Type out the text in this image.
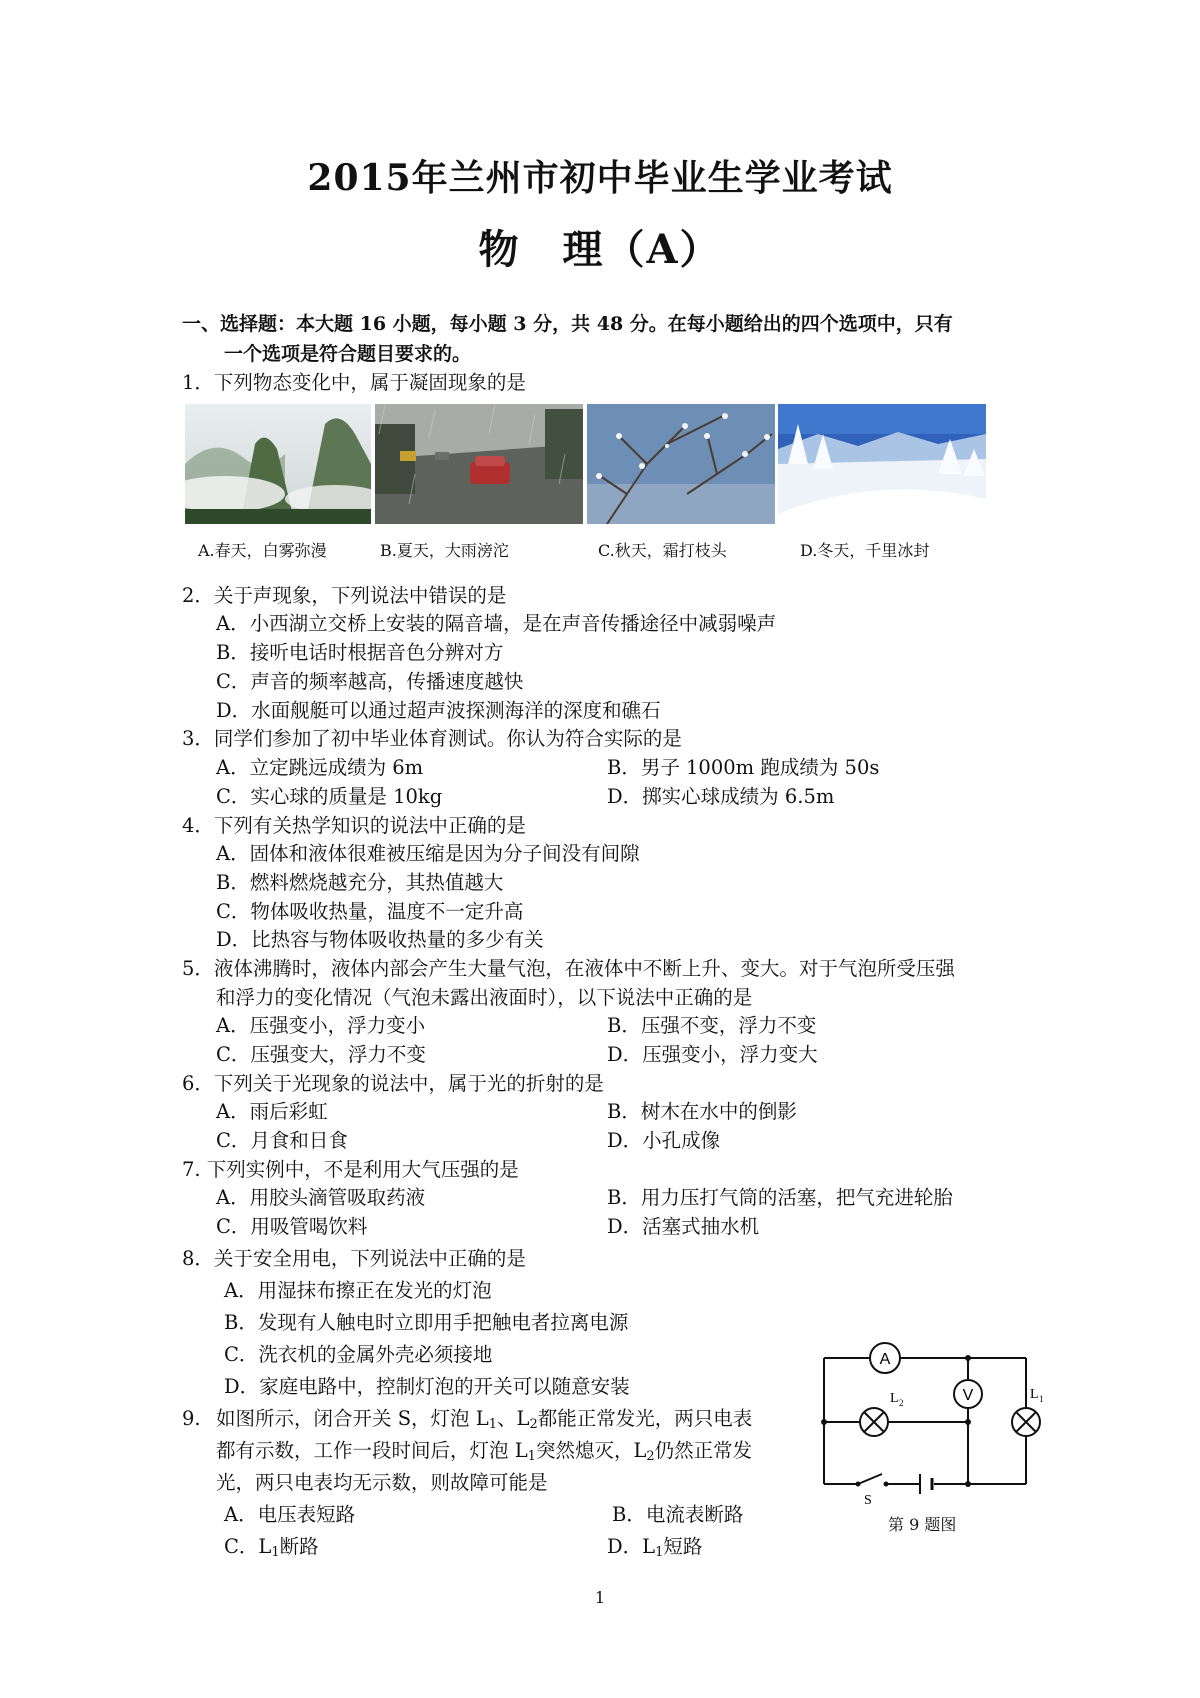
2015年兰州市初中毕业生学业考试
物　理（A）
一、选择题：本大题 16 小题，每小题 3 分，共 48 分。在每小题给出的四个选项中，只有
一个选项是符合题目要求的。
1．下列物态变化中，属于凝固现象的是
A.春天，白雾弥漫	B.夏天，大雨滂沱	C.秋天，霜打枝头	D.冬天，千里冰封
2．关于声现象，下列说法中错误的是
A．小西湖立交桥上安装的隔音墙，是在声音传播途径中减弱噪声
B．接听电话时根据音色分辨对方
C．声音的频率越高，传播速度越快
D．水面舰艇可以通过超声波探测海洋的深度和礁石
3．同学们参加了初中毕业体育测试。你认为符合实际的是
A．立定跳远成绩为 6m	B．男子 1000m 跑成绩为 50s
C．实心球的质量是 10kg	D．掷实心球成绩为 6.5m
4．下列有关热学知识的说法中正确的是
A．固体和液体很难被压缩是因为分子间没有间隙
B．燃料燃烧越充分，其热值越大
C．物体吸收热量，温度不一定升高
D．比热容与物体吸收热量的多少有关
5．液体沸腾时，液体内部会产生大量气泡，在液体中不断上升、变大。对于气泡所受压强
和浮力的变化情况（气泡未露出液面时），以下说法中正确的是
A．压强变小，浮力变小	B．压强不变，浮力不变
C．压强变大，浮力不变	D．压强变小，浮力变大
6．下列关于光现象的说法中，属于光的折射的是
A．雨后彩虹	B．树木在水中的倒影
C．月食和日食	D．小孔成像
7. 下列实例中，不是利用大气压强的是
A．用胶头滴管吸取药液	B．用力压打气筒的活塞，把气充进轮胎
C．用吸管喝饮料	D．活塞式抽水机
8．关于安全用电，下列说法中正确的是
A．用湿抹布擦正在发光的灯泡
B．发现有人触电时立即用手把触电者拉离电源
C．洗衣机的金属外壳必须接地
D．家庭电路中，控制灯泡的开关可以随意安装
9. 如图所示，闭合开关 S，灯泡 $L_1$、$L_2$都能正常发光，两只电表
都有示数，工作一段时间后，灯泡 $L_1$突然熄灭，$L_2$仍然正常发
光，两只电表均无示数，则故障可能是
A．电压表短路	B．电流表断路
C．$L_1$断路	D．$L_1$短路
A
V
L 2
L 1
S
第 9 题图
1
